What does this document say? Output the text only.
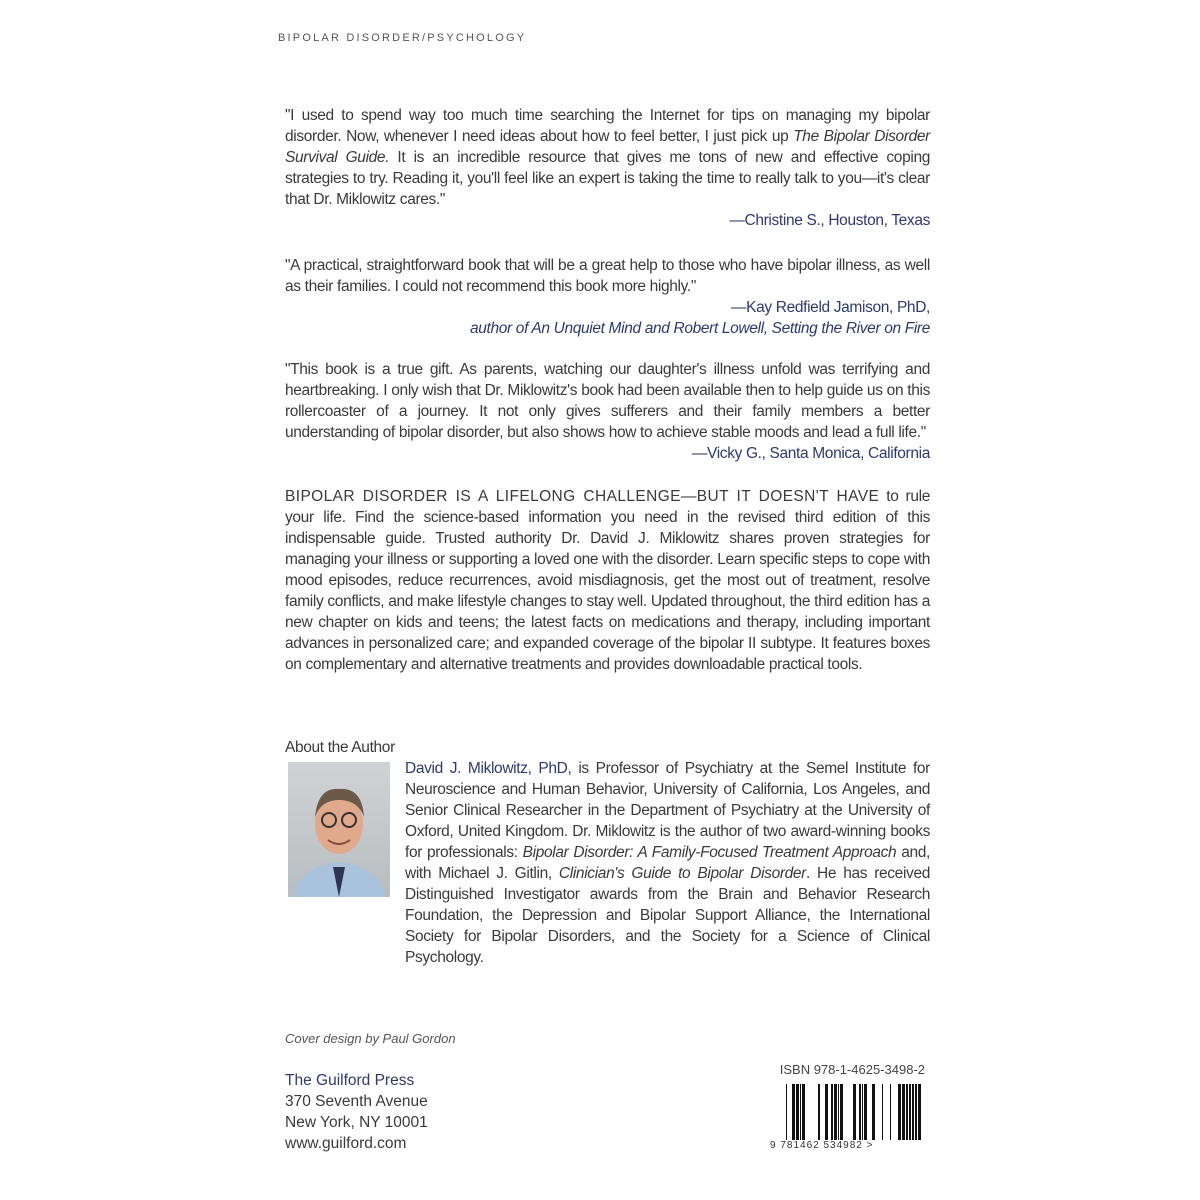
BIPOLAR DISORDER/PSYCHOLOGY
"I used to spend way too much time searching the Internet for tips on managing my bipolar disorder. Now, whenever I need ideas about how to feel better, I just pick up The Bipolar Disorder Survival Guide. It is an incredible resource that gives me tons of new and effective coping strategies to try. Reading it, you'll feel like an expert is taking the time to really talk to you—it's clear that Dr. Miklowitz cares."
—Christine S., Houston, Texas
"A practical, straightforward book that will be a great help to those who have bipolar illness, as well as their families. I could not recommend this book more highly."
—Kay Redfield Jamison, PhD,
author of An Unquiet Mind and Robert Lowell, Setting the River on Fire
"This book is a true gift. As parents, watching our daughter's illness unfold was terrifying and heartbreaking. I only wish that Dr. Miklowitz's book had been available then to help guide us on this rollercoaster of a journey. It not only gives sufferers and their family members a better understanding of bipolar disorder, but also shows how to achieve stable moods and lead a full life."
—Vicky G., Santa Monica, California
BIPOLAR DISORDER IS A LIFELONG CHALLENGE—BUT IT DOESN'T HAVE to rule your life. Find the science-based information you need in the revised third edition of this indispensable guide. Trusted authority Dr. David J. Miklowitz shares proven strategies for managing your illness or supporting a loved one with the disorder. Learn specific steps to cope with mood episodes, reduce recurrences, avoid misdiagnosis, get the most out of treatment, resolve family conflicts, and make lifestyle changes to stay well. Updated throughout, the third edition has a new chapter on kids and teens; the latest facts on medications and therapy, including important advances in personalized care; and expanded coverage of the bipolar II subtype. It features boxes on complementary and alternative treatments and provides downloadable practical tools.
About the Author
David J. Miklowitz, PhD, is Professor of Psychiatry at the Semel Institute for Neuroscience and Human Behavior, University of California, Los Angeles, and Senior Clinical Researcher in the Department of Psychiatry at the University of Oxford, United Kingdom. Dr. Miklowitz is the author of two award-winning books for professionals: Bipolar Disorder: A Family-Focused Treatment Approach and, with Michael J. Gitlin, Clinician's Guide to Bipolar Disorder. He has received Distinguished Investigator awards from the Brain and Behavior Research Foundation, the Depression and Bipolar Support Alliance, the International Society for Bipolar Disorders, and the Society for a Science of Clinical Psychology.
Cover design by Paul Gordon
The Guilford Press
370 Seventh Avenue
New York, NY 10001
www.guilford.com
ISBN 978-1-4625-3498-2
9 781462 534982 >
